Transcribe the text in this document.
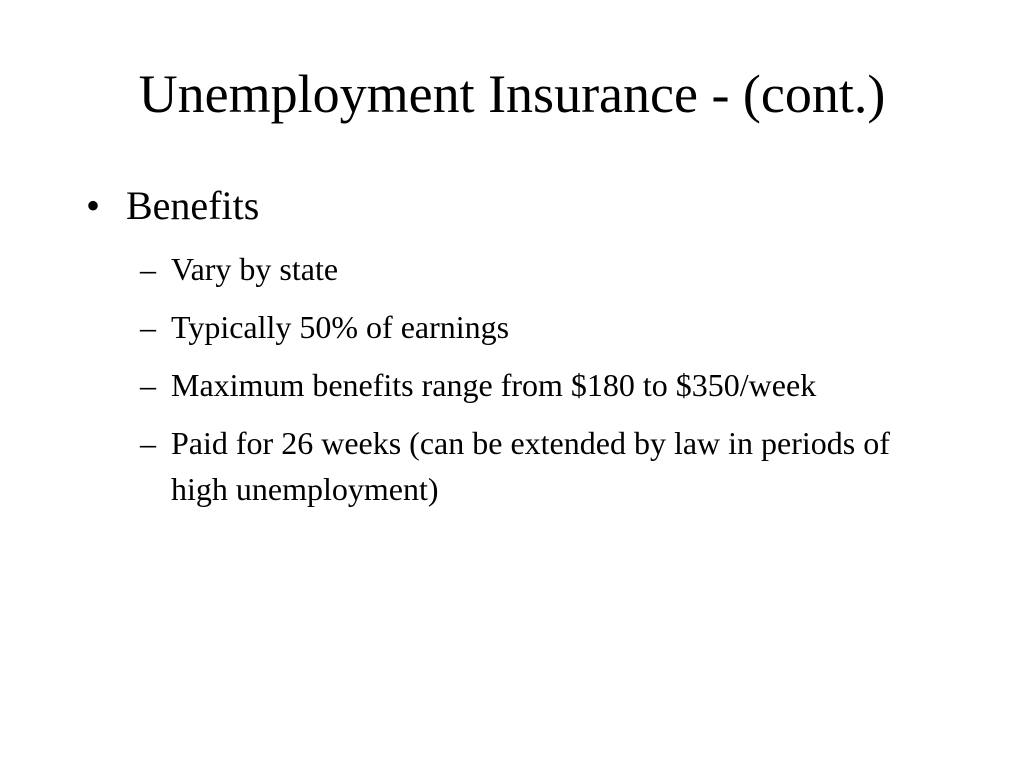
Unemployment Insurance - (cont.)
• Benefits
– Vary by state
– Typically 50% of earnings
– Maximum benefits range from $180 to $350/week
– Paid for 26 weeks (can be extended by law in periods of high unemployment)
